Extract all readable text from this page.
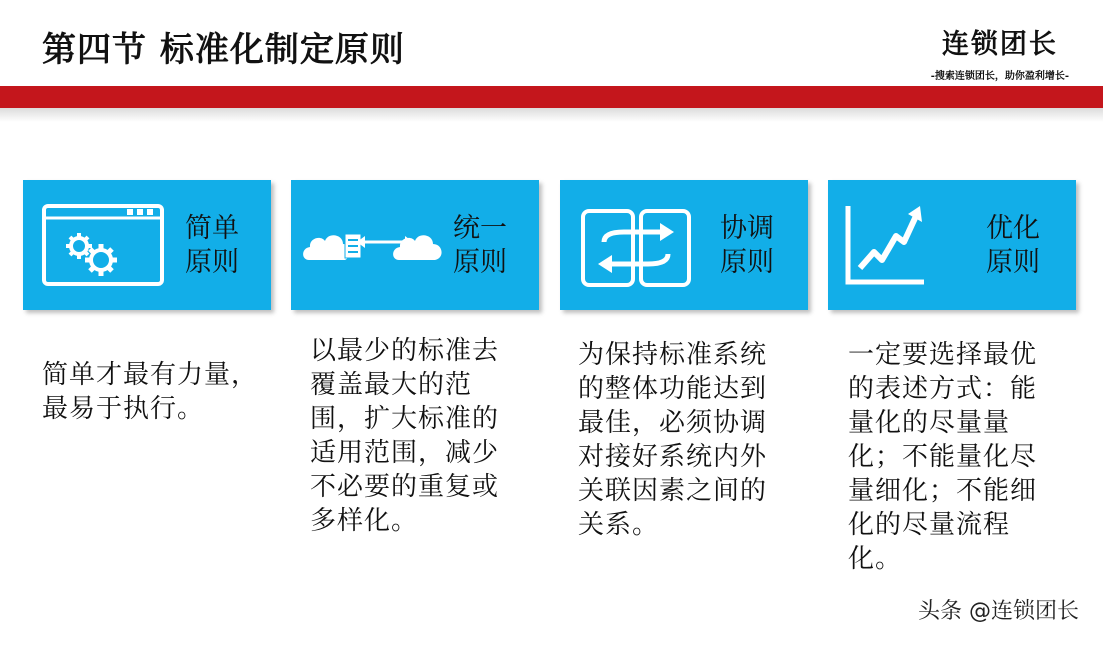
第四节 标准化制定原则	连锁团长
-搜索连锁团长，助你盈利增长-
简单
原则
统一
原则
协调
原则
优化
原则
简单才最有力量，最易于执行。
以最少的标准去覆盖最大的范围，扩大标准的适用范围，减少不必要的重复或多样化。
为保持标准系统的整体功能达到最佳，必须协调对接好系统内外关联因素之间的关系。
一定要选择最优的表述方式：能量化的尽量量化；不能量化尽量细化；不能细化的尽量流程化。
头条 @连锁团长
